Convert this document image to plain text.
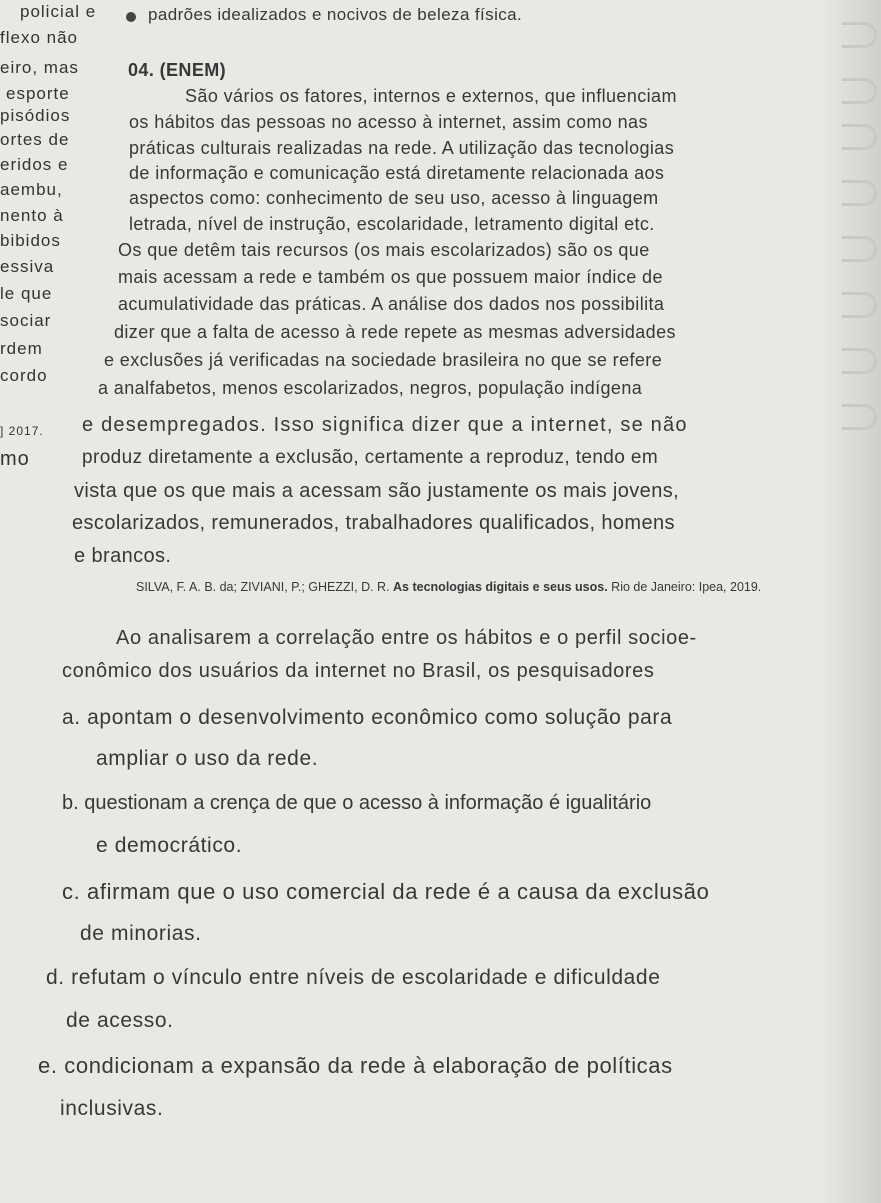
policial e
flexo não
eiro, mas
esporte
pisódios
ortes de
eridos e
aembu,
nento à
bibidos
essiva
le que
sociar
rdem
cordo
] 2017.
mo
padrões idealizados e nocivos de beleza física.
04. (ENEM)
São vários os fatores, internos e externos, que influenciam
os hábitos das pessoas no acesso à internet, assim como nas
práticas culturais realizadas na rede. A utilização das tecnologias
de informação e comunicação está diretamente relacionada aos
aspectos como: conhecimento de seu uso, acesso à linguagem
letrada, nível de instrução, escolaridade, letramento digital etc.
Os que detêm tais recursos (os mais escolarizados) são os que
mais acessam a rede e também os que possuem maior índice de
acumulatividade das práticas. A análise dos dados nos possibilita
dizer que a falta de acesso à rede repete as mesmas adversidades
e exclusões já verificadas na sociedade brasileira no que se refere
a analfabetos, menos escolarizados, negros, população indígena
e desempregados. Isso significa dizer que a internet, se não
produz diretamente a exclusão, certamente a reproduz, tendo em
vista que os que mais a acessam são justamente os mais jovens,
escolarizados, remunerados, trabalhadores qualificados, homens
e brancos.
SILVA, F. A. B. da; ZIVIANI, P.; GHEZZI, D. R. As tecnologias digitais e seus usos. Rio de Janeiro: Ipea, 2019.
Ao analisarem a correlação entre os hábitos e o perfil socioe-
conômico dos usuários da internet no Brasil, os pesquisadores
a. apontam o desenvolvimento econômico como solução para
ampliar o uso da rede.
b. questionam a crença de que o acesso à informação é igualitário
e democrático.
c. afirmam que o uso comercial da rede é a causa da exclusão
de minorias.
d. refutam o vínculo entre níveis de escolaridade e dificuldade
de acesso.
e. condicionam a expansão da rede à elaboração de políticas
inclusivas.
